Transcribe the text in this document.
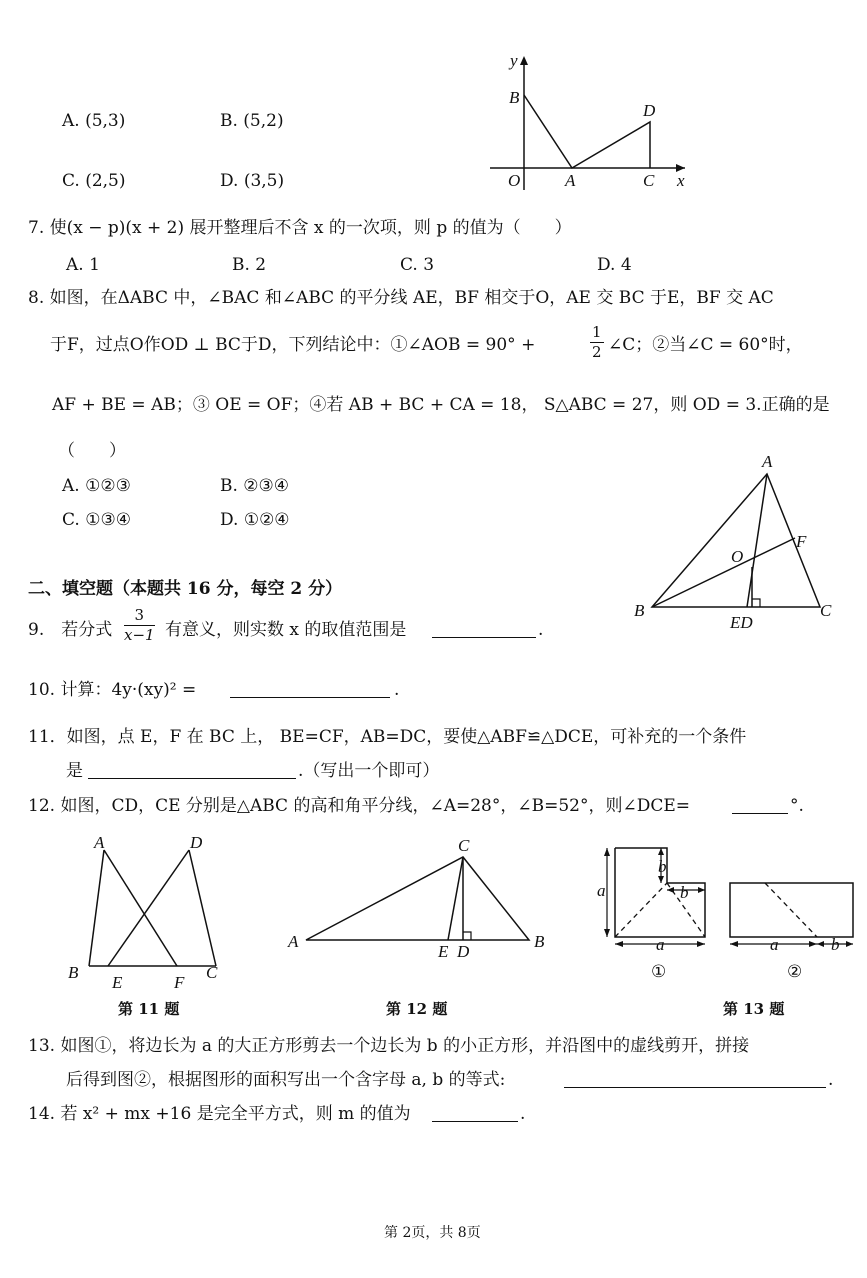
A. (5,3)	B. (5,2)
C. (2,5)	D. (3,5)
y
B
D
O	A	C x
7. 使(x − p)(x + 2) 展开整理后不含 x 的一次项，则 p 的值为（　　）
A. 1	B. 2	C. 3	D. 4
8. 如图，在ΔABC 中，∠BAC 和∠ABC 的平分线 AE，BF 相交于O，AE 交 BC 于E，BF 交 AC
于F，过点O作OD ⊥ BC于D，下列结论中：①∠AOB = 90° +	$\frac{1}{2}$ ∠C；②当∠C = 60°时，
AF + BE = AB；③ OE = OF；④若 AB + BC + CA = 18， S△ABC = 27，则 OD = 3.正确的是
（　　）
A. ①②③	B. ②③④
C. ①③④	D. ①②④
A
F
O
B
ED
C
二、填空题（本题共 16 分，每空 2 分）
9.　若分式 $\frac{3}{x-1}$ 有意义，则实数 x 的取值范围是	.
10. 计算：4y·(xy)² =	.
11．如图，点 E，F 在 BC 上， BE=CF，AB=DC，要使△ABF≌△DCE，可补充的一个条件
是	.（写出一个即可）
12. 如图，CD，CE 分别是△ABC 的高和角平分线，∠A=28°，∠B=52°，则∠DCE=	°.
A	D
B
E	F
C
第 11 题
C
A
E D
B
第 12 题
b
a	b
a	a	b
①	②
第 13 题
13. 如图①，将边长为 a 的大正方形剪去一个边长为 b 的小正方形，并沿图中的虚线剪开，拼接
后得到图②，根据图形的面积写出一个含字母 a, b 的等式:	.
14. 若 x² + mx +16 是完全平方式，则 m 的值为	.
第 2页，共 8页
